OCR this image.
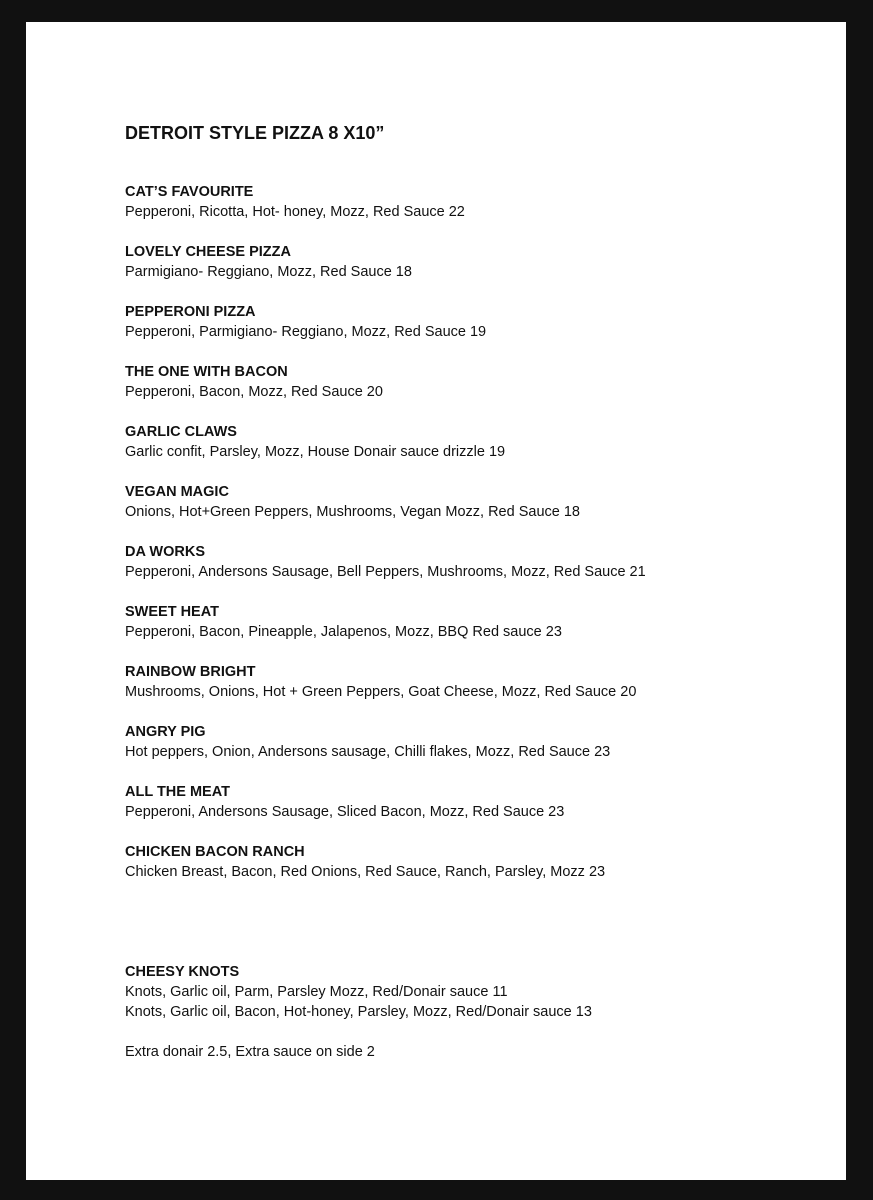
DETROIT STYLE PIZZA 8 X10”
CAT’S FAVOURITE
Pepperoni, Ricotta, Hot- honey, Mozz, Red Sauce 22
LOVELY CHEESE PIZZA
Parmigiano- Reggiano, Mozz, Red Sauce 18
PEPPERONI PIZZA
Pepperoni, Parmigiano- Reggiano, Mozz, Red Sauce 19
THE ONE WITH BACON
Pepperoni, Bacon, Mozz, Red Sauce 20
GARLIC CLAWS
Garlic confit, Parsley, Mozz, House Donair sauce drizzle 19
VEGAN MAGIC
Onions, Hot+Green Peppers, Mushrooms, Vegan Mozz, Red Sauce 18
DA WORKS
Pepperoni, Andersons Sausage, Bell Peppers, Mushrooms, Mozz, Red Sauce 21
SWEET HEAT
Pepperoni, Bacon, Pineapple, Jalapenos, Mozz, BBQ Red sauce 23
RAINBOW BRIGHT
Mushrooms, Onions, Hot + Green Peppers, Goat Cheese, Mozz, Red Sauce 20
ANGRY PIG
Hot peppers, Onion, Andersons sausage, Chilli flakes, Mozz, Red Sauce 23
ALL THE MEAT
Pepperoni, Andersons Sausage, Sliced Bacon, Mozz, Red Sauce 23
CHICKEN BACON RANCH
Chicken Breast, Bacon, Red Onions, Red Sauce, Ranch, Parsley, Mozz 23
CHEESY KNOTS
Knots, Garlic oil, Parm, Parsley Mozz, Red/Donair sauce 11
Knots, Garlic oil, Bacon, Hot-honey, Parsley, Mozz, Red/Donair sauce 13
Extra donair 2.5, Extra sauce on side 2
